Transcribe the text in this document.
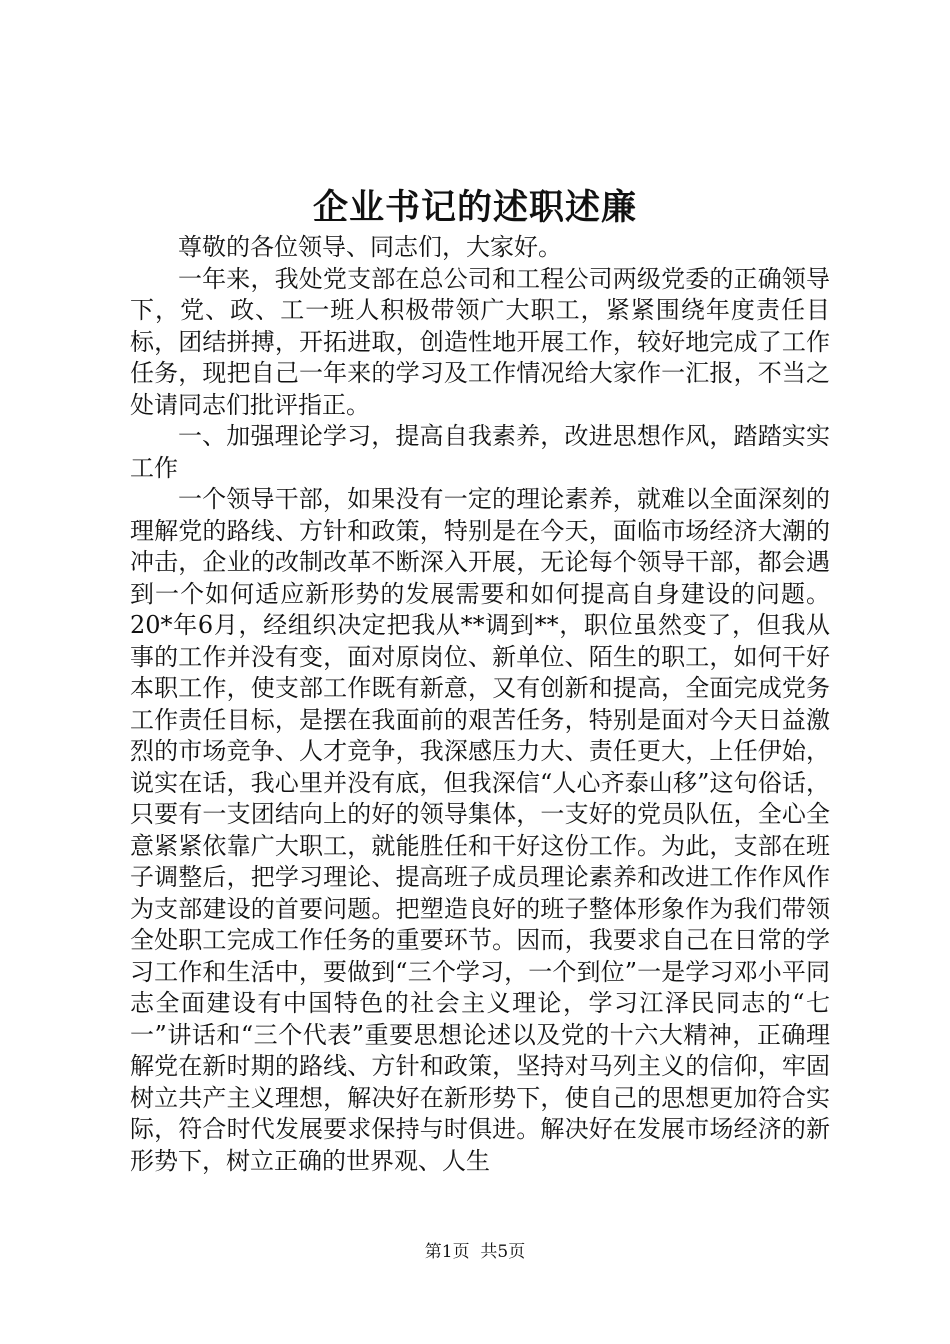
企业书记的述职述廉

尊敬的各位领导、同志们，大家好。

一年来，我处党支部在总公司和工程公司两级党委的正确领导下，党、政、工一班人积极带领广大职工，紧紧围绕年度责任目标，团结拼搏，开拓进取，创造性地开展工作，较好地完成了工作任务，现把自己一年来的学习及工作情况给大家作一汇报，不当之处请同志们批评指正。

一、加强理论学习，提高自我素养，改进思想作风，踏踏实实工作

一个领导干部，如果没有一定的理论素养，就难以全面深刻的理解党的路线、方针和政策，特别是在今天，面临市场经济大潮的冲击，企业的改制改革不断深入开展，无论每个领导干部，都会遇到一个如何适应新形势的发展需要和如何提高自身建设的问题。20*年6月，经组织决定把我从**调到**，职位虽然变了，但我从事的工作并没有变，面对原岗位、新单位、陌生的职工，如何干好本职工作，使支部工作既有新意，又有创新和提高，全面完成党务工作责任目标，是摆在我面前的艰苦任务，特别是面对今天日益激烈的市场竞争、人才竞争，我深感压力大、责任更大，上任伊始，说实在话，我心里并没有底，但我深信“人心齐泰山移”这句俗话，只要有一支团结向上的好的领导集体，一支好的党员队伍，全心全意紧紧依靠广大职工，就能胜任和干好这份工作。为此，支部在班子调整后，把学习理论、提高班子成员理论素养和改进工作作风作为支部建设的首要问题。把塑造良好的班子整体形象作为我们带领全处职工完成工作任务的重要环节。因而，我要求自己在日常的学习工作和生活中，要做到“三个学习，一个到位”一是学习邓小平同志全面建设有中国特色的社会主义理论，学习江泽民同志的“七一”讲话和“三个代表”重要思想论述以及党的十六大精神，正确理解党在新时期的路线、方针和政策，坚持对马列主义的信仰，牢固树立共产主义理想，解决好在新形势下，使自己的思想更加符合实际，符合时代发展要求保持与时俱进。解决好在发展市场经济的新形势下，树立正确的世界观、人生

第1页 共5页
